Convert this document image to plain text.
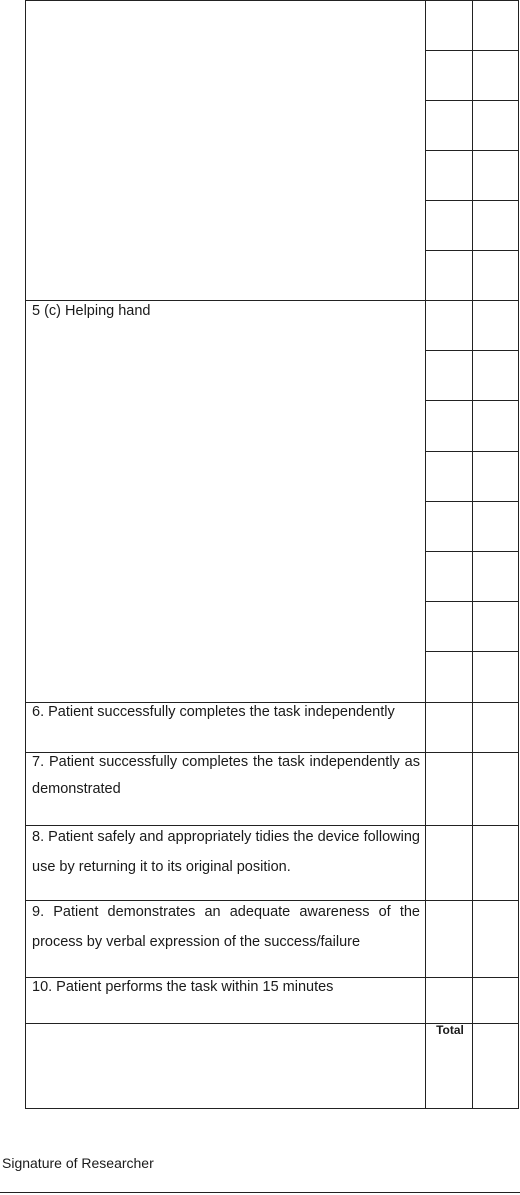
5 (c) Helping hand
6. Patient successfully completes the task independently
7. Patient successfully completes the task independently as demonstrated
8. Patient safely and appropriately tidies the device following use by returning it to its original position.
9. Patient demonstrates an adequate awareness of the process by verbal expression of the success/failure
10. Patient performs the task within 15 minutes
Total
Signature of Researcher
